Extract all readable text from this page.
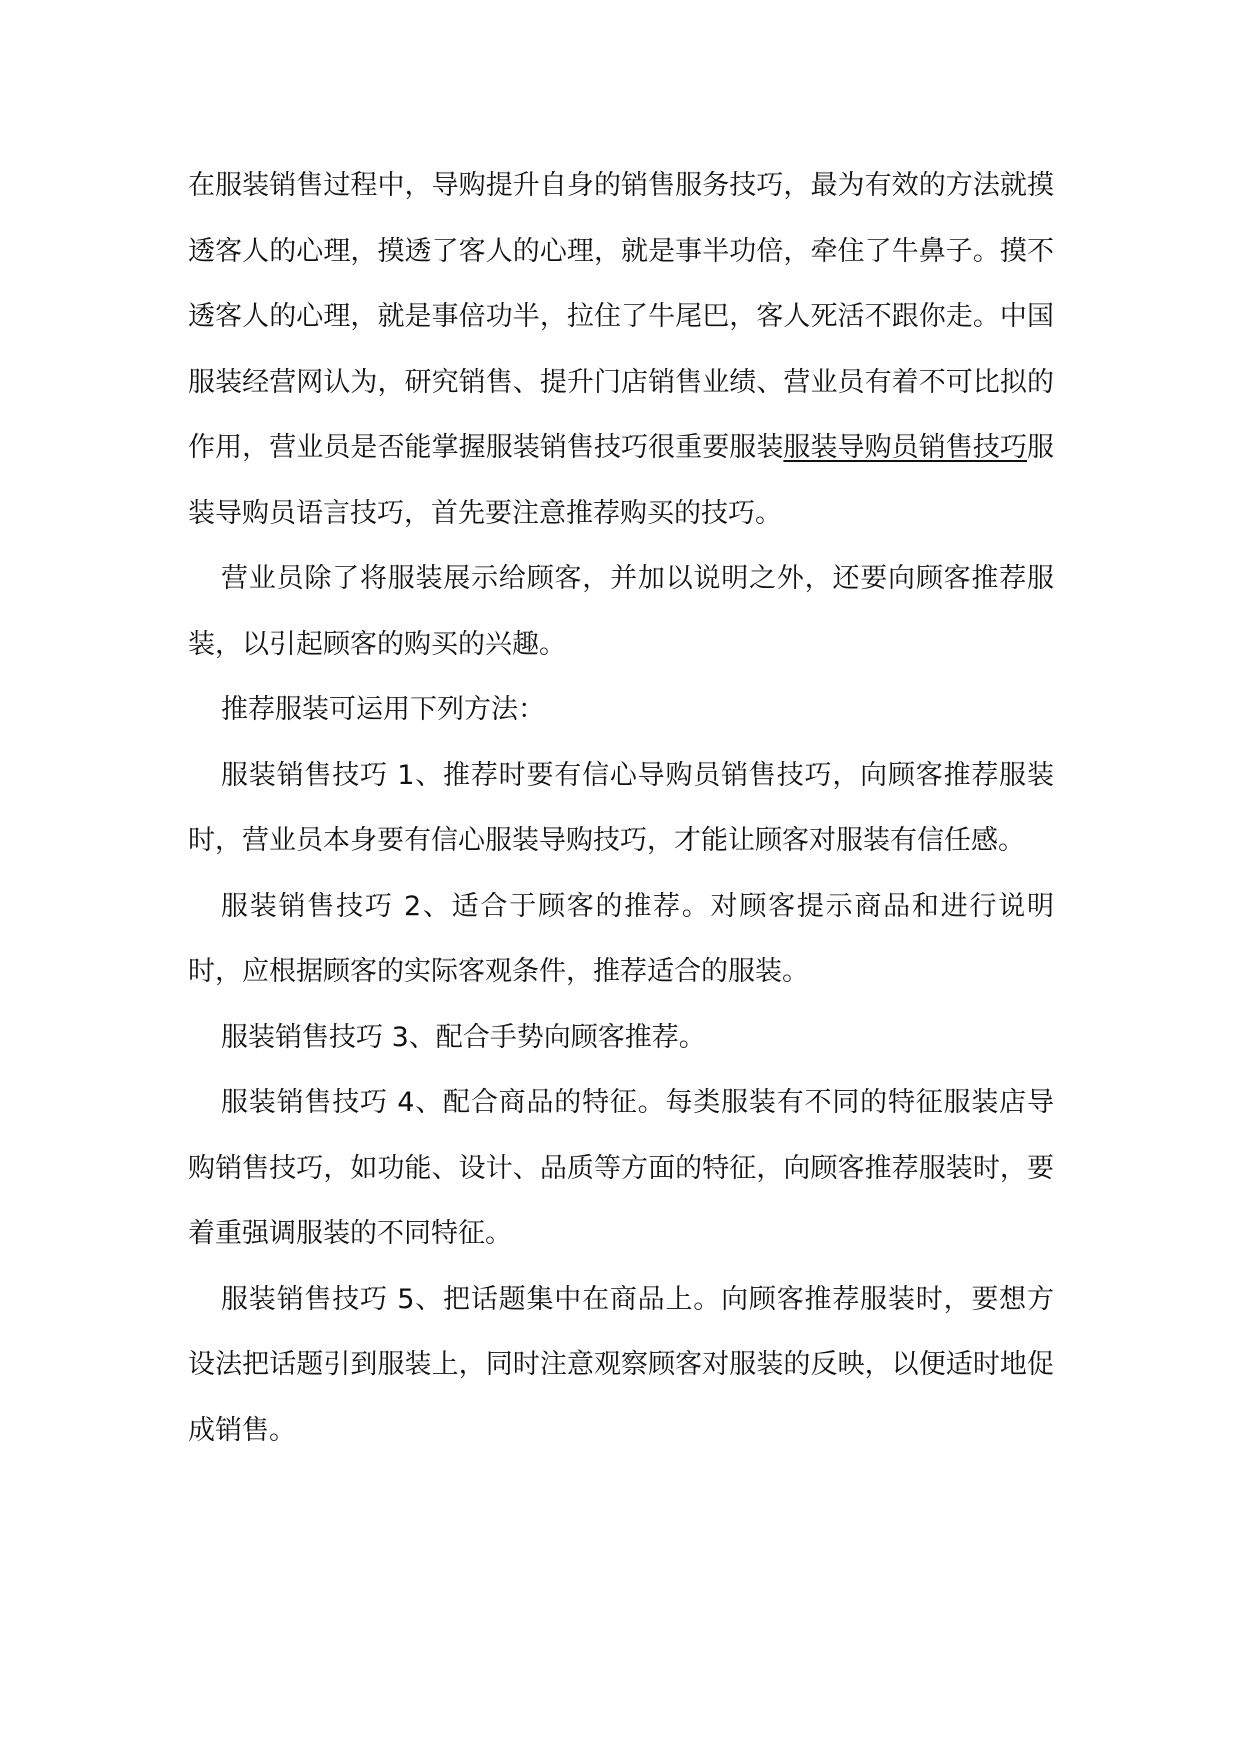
在服装销售过程中，导购提升自身的销售服务技巧，最为有效的方法就摸透客人的心理，摸透了客人的心理，就是事半功倍，牵住了牛鼻子。摸不透客人的心理，就是事倍功半，拉住了牛尾巴，客人死活不跟你走。中国服装经营网认为，研究销售、提升门店销售业绩、营业员有着不可比拟的作用，营业员是否能掌握服装销售技巧很重要服装服装导购员销售技巧服装导购员语言技巧，首先要注意推荐购买的技巧。

营业员除了将服装展示给顾客，并加以说明之外，还要向顾客推荐服装，以引起顾客的购买的兴趣。

推荐服装可运用下列方法：

服装销售技巧 1、推荐时要有信心导购员销售技巧，向顾客推荐服装时，营业员本身要有信心服装导购技巧，才能让顾客对服装有信任感。

服装销售技巧 2、适合于顾客的推荐。对顾客提示商品和进行说明时，应根据顾客的实际客观条件，推荐适合的服装。

服装销售技巧 3、配合手势向顾客推荐。

服装销售技巧 4、配合商品的特征。每类服装有不同的特征服装店导购销售技巧，如功能、设计、品质等方面的特征，向顾客推荐服装时，要着重强调服装的不同特征。

服装销售技巧 5、把话题集中在商品上。向顾客推荐服装时，要想方设法把话题引到服装上，同时注意观察顾客对服装的反映，以便适时地促成销售。
